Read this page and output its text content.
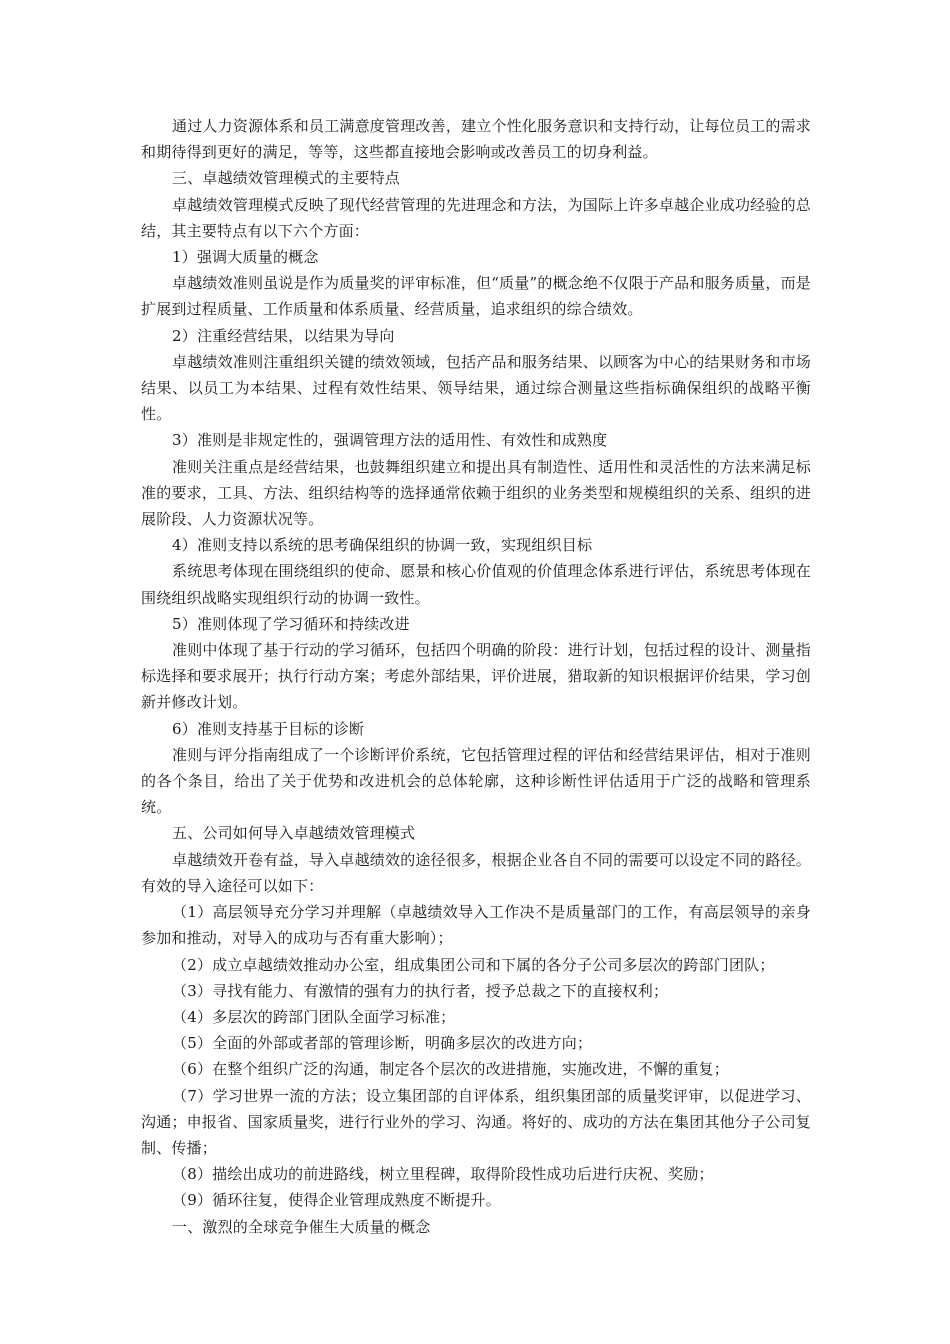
通过人力资源体系和员工满意度管理改善，建立个性化服务意识和支持行动，让每位员工的需求和期待得到更好的满足，等等，这些都直接地会影响或改善员工的切身利益。

三、卓越绩效管理模式的主要特点

卓越绩效管理模式反映了现代经营管理的先进理念和方法，为国际上许多卓越企业成功经验的总结，其主要特点有以下六个方面：

1）强调大质量的概念

卓越绩效准则虽说是作为质量奖的评审标准，但“质量”的概念绝不仅限于产品和服务质量，而是扩展到过程质量、工作质量和体系质量、经营质量，追求组织的综合绩效。

2）注重经营结果，以结果为导向

卓越绩效准则注重组织关键的绩效领域，包括产品和服务结果、以顾客为中心的结果财务和市场结果、以员工为本结果、过程有效性结果、领导结果，通过综合测量这些指标确保组织的战略平衡性。

3）准则是非规定性的，强调管理方法的适用性、有效性和成熟度

准则关注重点是经营结果，也鼓舞组织建立和提出具有制造性、适用性和灵活性的方法来满足标准的要求，工具、方法、组织结构等的选择通常依赖于组织的业务类型和规模组织的关系、组织的进展阶段、人力资源状况等。

4）准则支持以系统的思考确保组织的协调一致，实现组织目标

系统思考体现在围绕组织的使命、愿景和核心价值观的价值理念体系进行评估，系统思考体现在围绕组织战略实现组织行动的协调一致性。

5）准则体现了学习循环和持续改进

准则中体现了基于行动的学习循环，包括四个明确的阶段：进行计划，包括过程的设计、测量指标选择和要求展开；执行行动方案；考虑外部结果，评价进展，猎取新的知识根据评价结果，学习创新并修改计划。

6）准则支持基于目标的诊断

准则与评分指南组成了一个诊断评价系统，它包括管理过程的评估和经营结果评估，相对于准则的各个条目，给出了关于优势和改进机会的总体轮廓，这种诊断性评估适用于广泛的战略和管理系统。

五、公司如何导入卓越绩效管理模式

卓越绩效开卷有益，导入卓越绩效的途径很多，根据企业各自不同的需要可以设定不同的路径。有效的导入途径可以如下：

（1）高层领导充分学习并理解（卓越绩效导入工作决不是质量部门的工作，有高层领导的亲身参加和推动，对导入的成功与否有重大影响）；

（2）成立卓越绩效推动办公室，组成集团公司和下属的各分子公司多层次的跨部门团队；

（3）寻找有能力、有激情的强有力的执行者，授予总裁之下的直接权利；

（4）多层次的跨部门团队全面学习标准；

（5）全面的外部或者部的管理诊断，明确多层次的改进方向；

（6）在整个组织广泛的沟通，制定各个层次的改进措施，实施改进，不懈的重复；

（7）学习世界一流的方法；设立集团部的自评体系，组织集团部的质量奖评审，以促进学习、沟通；申报省、国家质量奖，进行行业外的学习、沟通。将好的、成功的方法在集团其他分子公司复制、传播；

（8）描绘出成功的前进路线，树立里程碑，取得阶段性成功后进行庆祝、奖励；

（9）循环往复，使得企业管理成熟度不断提升。

一、激烈的全球竞争催生大质量的概念
